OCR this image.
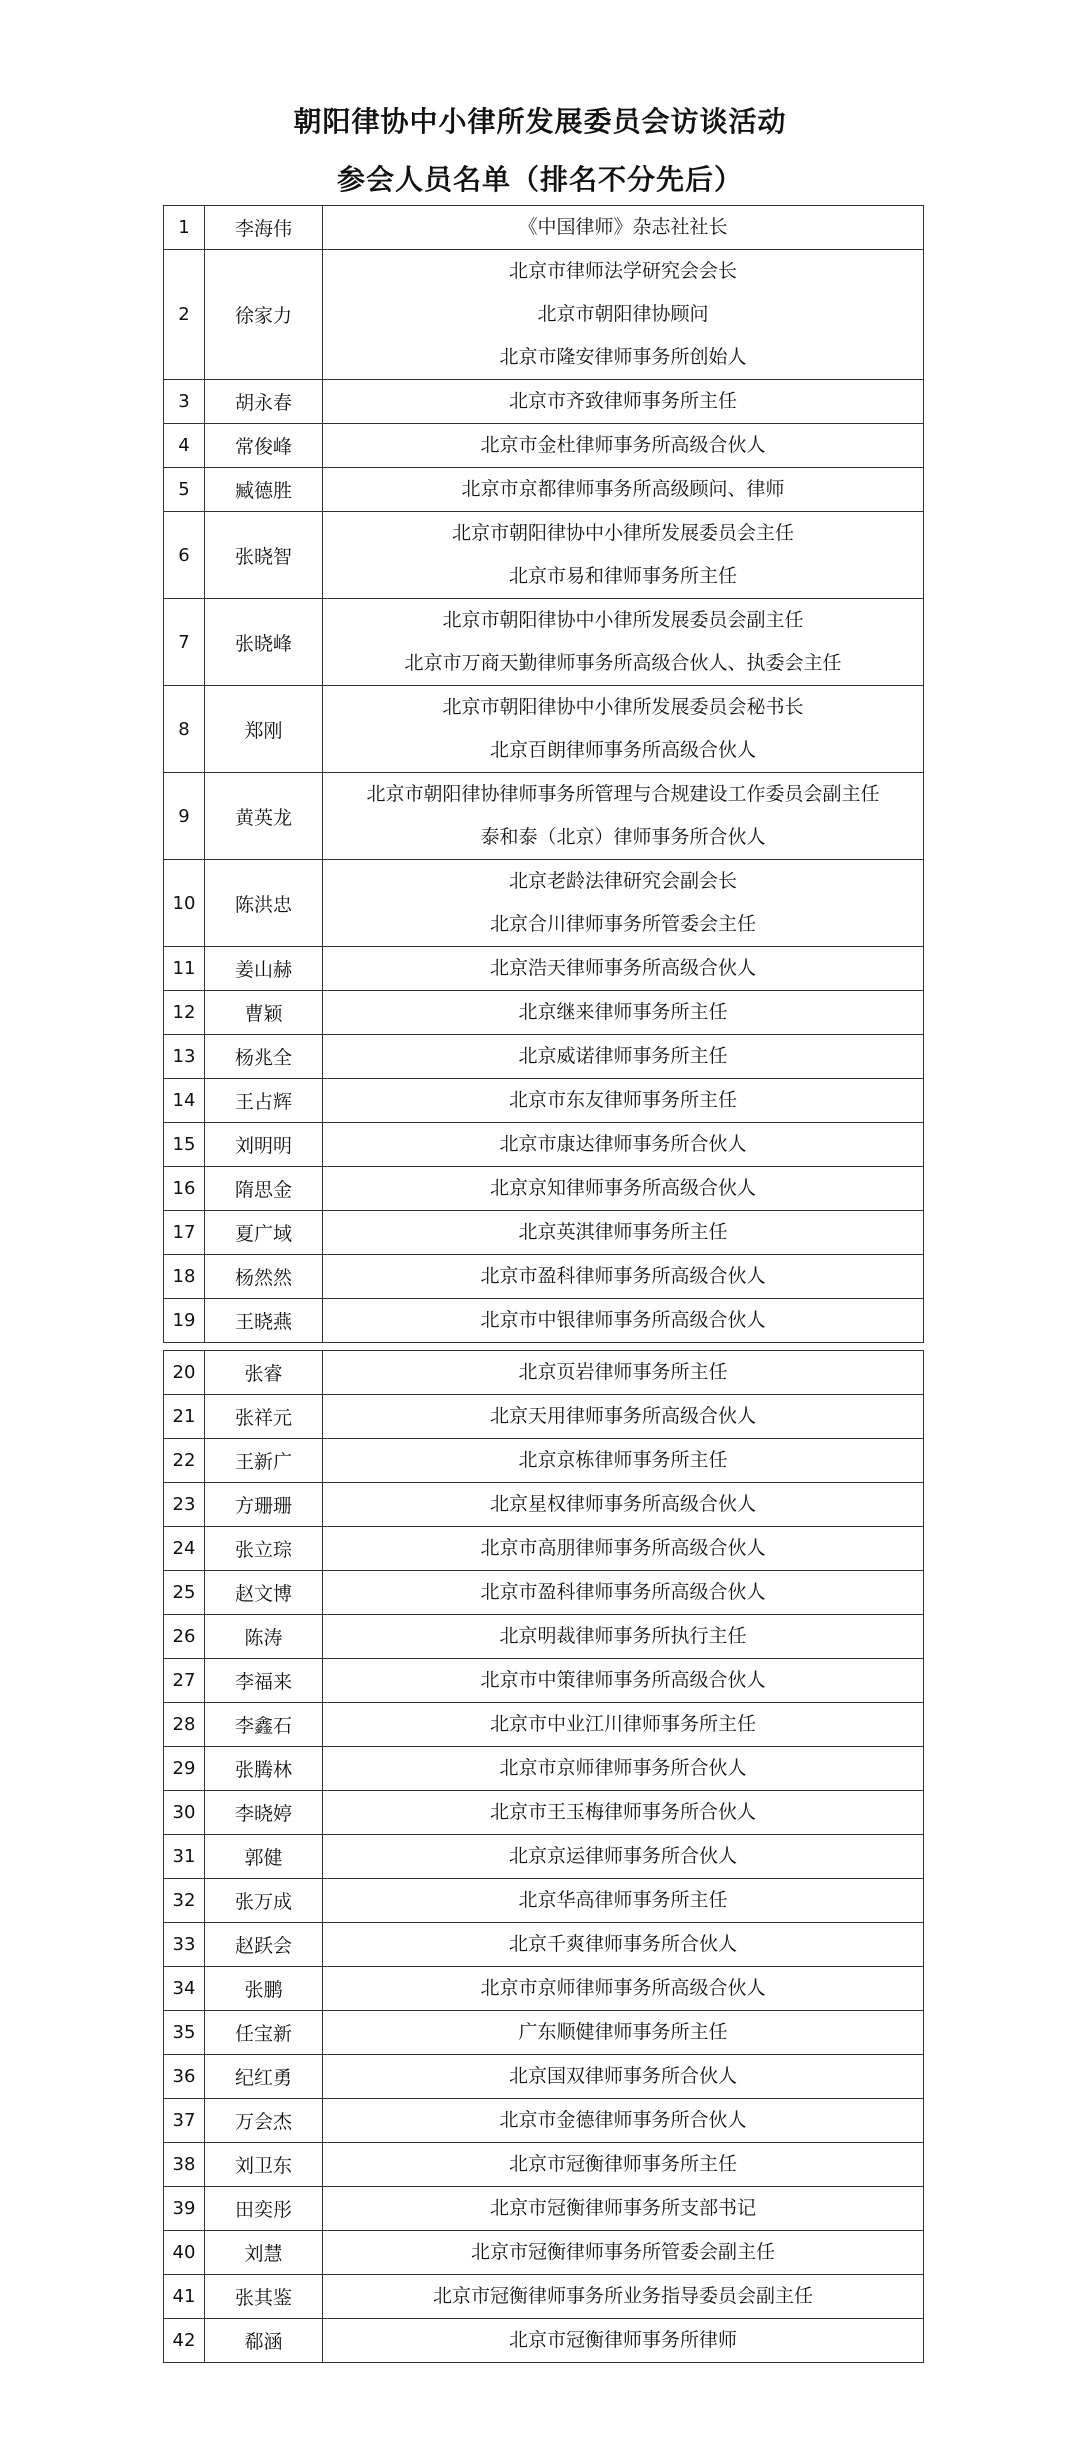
朝阳律协中小律所发展委员会访谈活动
参会人员名单（排名不分先后）
1	李海伟	《中国律师》杂志社社长

2	徐家力	北京市律师法学研究会会长
北京市朝阳律协顾问
北京市隆安律师事务所创始人

3	胡永春	北京市齐致律师事务所主任

4	常俊峰	北京市金杜律师事务所高级合伙人

5	臧德胜	北京市京都律师事务所高级顾问、律师

6	张晓智	北京市朝阳律协中小律所发展委员会主任
北京市易和律师事务所主任

7	张晓峰	北京市朝阳律协中小律所发展委员会副主任
北京市万商天勤律师事务所高级合伙人、执委会主任

8	郑刚	北京市朝阳律协中小律所发展委员会秘书长
北京百朗律师事务所高级合伙人

9	黄英龙	北京市朝阳律协律师事务所管理与合规建设工作委员会副主任
泰和泰（北京）律师事务所合伙人

10	陈洪忠	北京老龄法律研究会副会长
北京合川律师事务所管委会主任

11	姜山赫	北京浩天律师事务所高级合伙人

12	曹颖	北京继来律师事务所主任

13	杨兆全	北京威诺律师事务所主任

14	王占辉	北京市东友律师事务所主任

15	刘明明	北京市康达律师事务所合伙人

16	隋思金	北京京知律师事务所高级合伙人

17	夏广域	北京英淇律师事务所主任

18	杨然然	北京市盈科律师事务所高级合伙人

19	王晓燕	北京市中银律师事务所高级合伙人
20	张睿	北京页岩律师事务所主任

21	张祥元	北京天用律师事务所高级合伙人

22	王新广	北京京栋律师事务所主任

23	方珊珊	北京星权律师事务所高级合伙人

24	张立琮	北京市高朋律师事务所高级合伙人

25	赵文博	北京市盈科律师事务所高级合伙人

26	陈涛	北京明裁律师事务所执行主任

27	李福来	北京市中策律师事务所高级合伙人

28	李鑫石	北京市中业江川律师事务所主任

29	张腾林	北京市京师律师事务所合伙人

30	李晓婷	北京市王玉梅律师事务所合伙人

31	郭健	北京京运律师事务所合伙人

32	张万成	北京华高律师事务所主任

33	赵跃会	北京千爽律师事务所合伙人

34	张鹏	北京市京师律师事务所高级合伙人

35	任宝新	广东顺健律师事务所主任

36	纪红勇	北京国双律师事务所合伙人

37	万会杰	北京市金德律师事务所合伙人

38	刘卫东	北京市冠衡律师事务所主任

39	田奕彤	北京市冠衡律师事务所支部书记

40	刘慧	北京市冠衡律师事务所管委会副主任

41	张其鉴	北京市冠衡律师事务所业务指导委员会副主任

42	郗涵	北京市冠衡律师事务所律师
